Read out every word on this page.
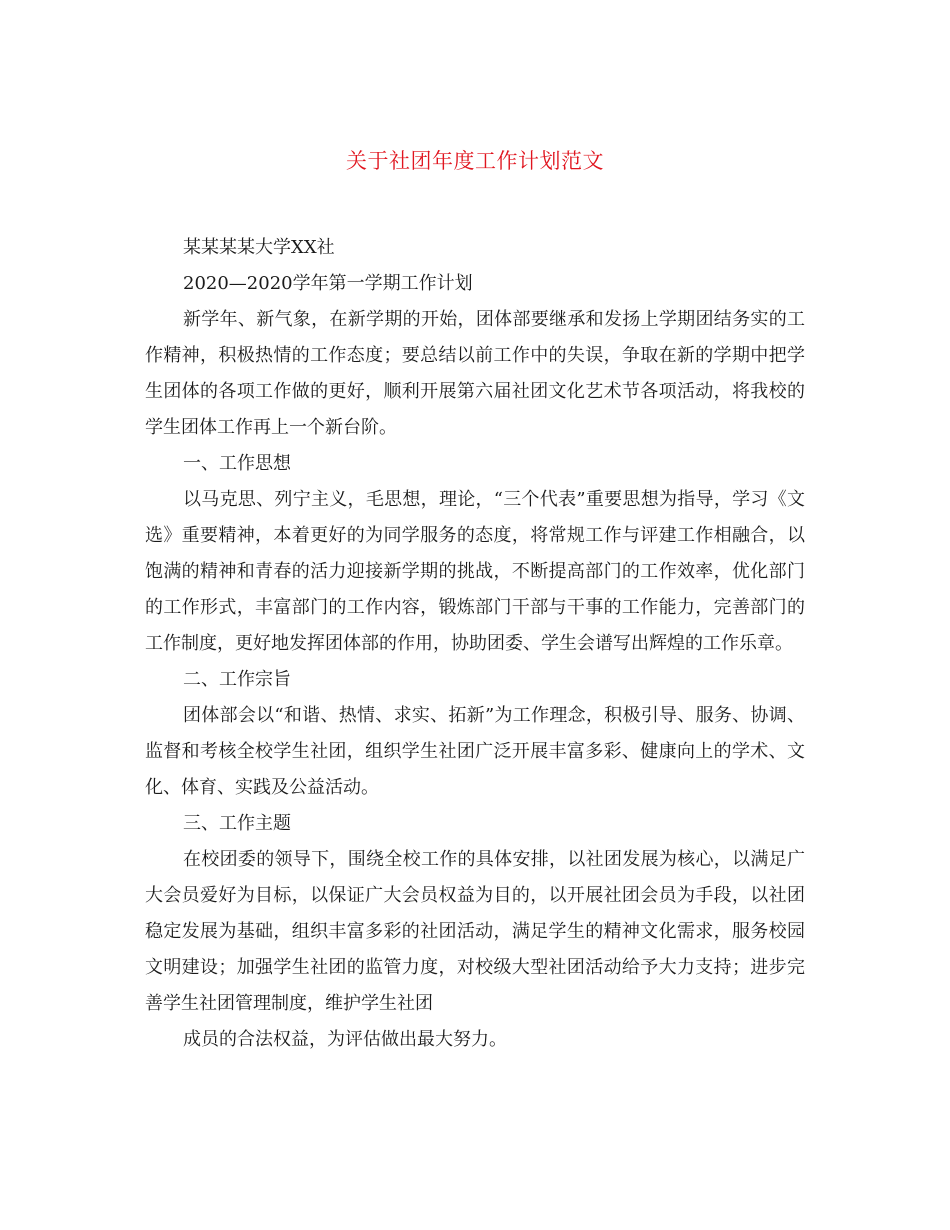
关于社团年度工作计划范文

某某某某大学XX社

2020—2020学年第一学期工作计划

新学年、新气象，在新学期的开始，团体部要继承和发扬上学期团结务实的工作精神，积极热情的工作态度；要总结以前工作中的失误，争取在新的学期中把学生团体的各项工作做的更好，顺利开展第六届社团文化艺术节各项活动，将我校的学生团体工作再上一个新台阶。

一、工作思想

以马克思、列宁主义，毛思想，理论，“三个代表”重要思想为指导，学习《文选》重要精神，本着更好的为同学服务的态度，将常规工作与评建工作相融合，以饱满的精神和青春的活力迎接新学期的挑战，不断提高部门的工作效率，优化部门的工作形式，丰富部门的工作内容，锻炼部门干部与干事的工作能力，完善部门的工作制度，更好地发挥团体部的作用，协助团委、学生会谱写出辉煌的工作乐章。

二、工作宗旨

团体部会以“和谐、热情、求实、拓新”为工作理念，积极引导、服务、协调、监督和考核全校学生社团，组织学生社团广泛开展丰富多彩、健康向上的学术、文化、体育、实践及公益活动。

三、工作主题

在校团委的领导下，围绕全校工作的具体安排，以社团发展为核心，以满足广大会员爱好为目标，以保证广大会员权益为目的，以开展社团会员为手段，以社团稳定发展为基础，组织丰富多彩的社团活动，满足学生的精神文化需求，服务校园文明建设；加强学生社团的监管力度，对校级大型社团活动给予大力支持；进步完善学生社团管理制度，维护学生社团

成员的合法权益，为评估做出最大努力。
